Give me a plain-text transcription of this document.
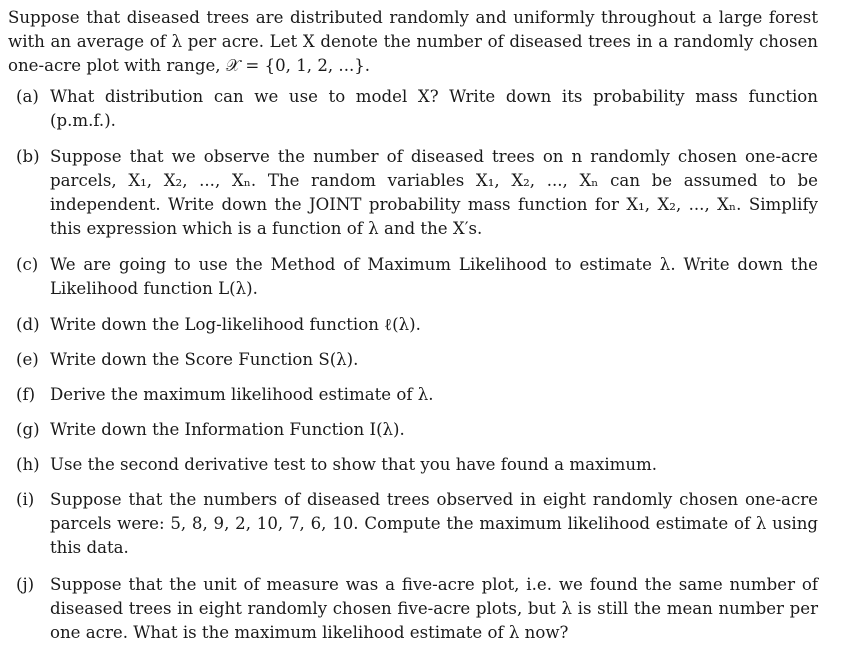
Suppose that diseased trees are distributed randomly and uniformly throughout a large forest with an average of λ per acre. Let X denote the number of diseased trees in a randomly chosen one-acre plot with range, 𝒳 = {0, 1, 2, ...}.

(a) What distribution can we use to model X? Write down its probability mass function (p.m.f.).
(b) Suppose that we observe the number of diseased trees on n randomly chosen one-acre parcels, X₁, X₂, ..., Xₙ. The random variables X₁, X₂, ..., Xₙ can be assumed to be independent. Write down the JOINT probability mass function for X₁, X₂, ..., Xₙ. Simplify this expression which is a function of λ and the X′s.
(c) We are going to use the Method of Maximum Likelihood to estimate λ. Write down the Likelihood function L(λ).
(d) Write down the Log-likelihood function ℓ(λ).
(e) Write down the Score Function S(λ).
(f) Derive the maximum likelihood estimate of λ.
(g) Write down the Information Function I(λ).
(h) Use the second derivative test to show that you have found a maximum.
(i) Suppose that the numbers of diseased trees observed in eight randomly chosen one-acre parcels were: 5, 8, 9, 2, 10, 7, 6, 10. Compute the maximum likelihood estimate of λ using this data.
(j) Suppose that the unit of measure was a five-acre plot, i.e. we found the same number of diseased trees in eight randomly chosen five-acre plots, but λ is still the mean number per one acre. What is the maximum likelihood estimate of λ now?
